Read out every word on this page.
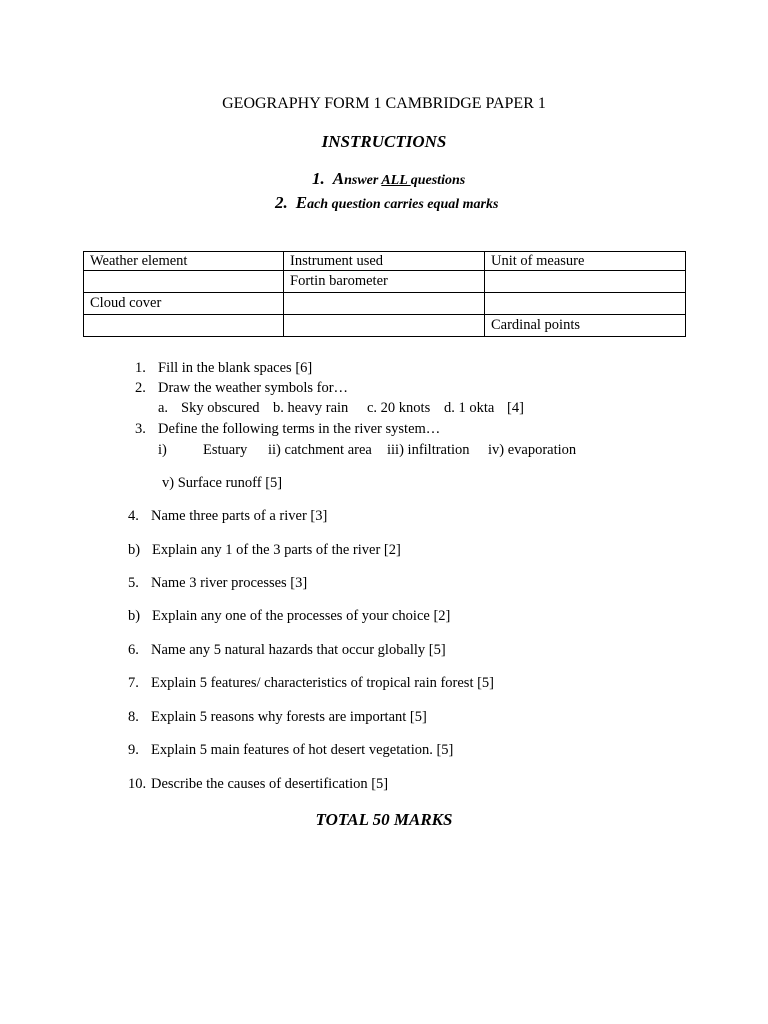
GEOGRAPHY FORM 1 CAMBRIDGE PAPER 1
INSTRUCTIONS
1. Answer ALL questions
2. Each question carries equal marks
Weather element	Instrument used	Unit of measure
	Fortin barometer	
Cloud cover		
		Cardinal points
1. Fill in the blank spaces [6]
2. Draw the weather symbols for…
a. Sky obscured b. heavy rain c. 20 knots d. 1 okta [4]
3. Define the following terms in the river system…
i) Estuary ii) catchment area iii) infiltration iv) evaporation
v) Surface runoff [5]
4. Name three parts of a river [3]
b) Explain any 1 of the 3 parts of the river [2]
5. Name 3 river processes [3]
b) Explain any one of the processes of your choice [2]
6. Name any 5 natural hazards that occur globally [5]
7. Explain 5 features/ characteristics of tropical rain forest [5]
8. Explain 5 reasons why forests are important [5]
9. Explain 5 main features of hot desert vegetation. [5]
10. Describe the causes of desertification [5]
TOTAL 50 MARKS
